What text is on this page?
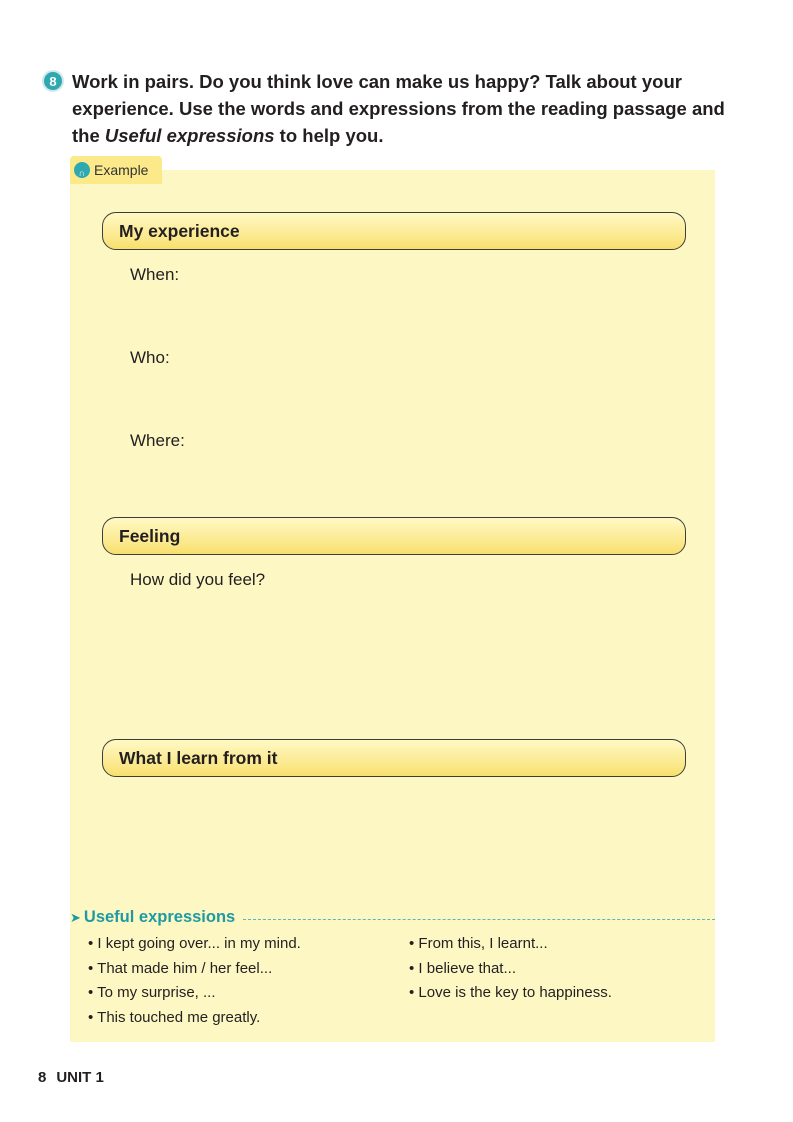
8 Work in pairs. Do you think love can make us happy? Talk about your experience. Use the words and expressions from the reading passage and the Useful expressions to help you.
My experience
When:
Who:
Where:
Feeling
How did you feel?
What I learn from it
➤ Useful expressions
• I kept going over... in my mind.
• That made him / her feel...
• To my surprise, ...
• This touched me greatly.
• From this, I learnt...
• I believe that...
• Love is the key to happiness.
∩ Example
8 UNIT 1
